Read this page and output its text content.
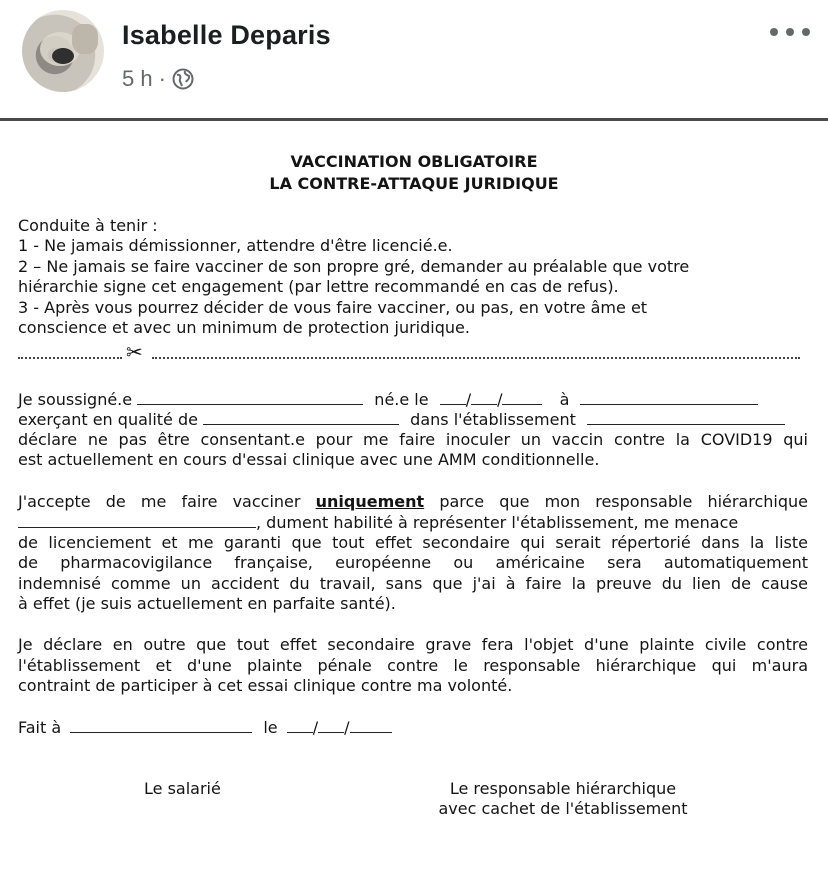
Isabelle Deparis
5 h ·
VACCINATION OBLIGATOIRE
LA CONTRE-ATTAQUE JURIDIQUE
Conduite à tenir :
1 - Ne jamais démissionner, attendre d'être licencié.e.
2 – Ne jamais se faire vacciner de son propre gré, demander au préalable que votre
hiérarchie signe cet engagement (par lettre recommandé en cas de refus).
3 - Après vous pourrez décider de vous faire vacciner, ou pas, en votre âme et
conscience et avec un minimum de protection juridique.
✂
Je soussigné.e	né.e le / /	à
exerçant en qualité de	dans l'établissement
déclare ne pas être consentant.e pour me faire inoculer un vaccin contre la COVID19 qui
est actuellement en cours d'essai clinique avec une AMM conditionnelle.
J'accepte de me faire vacciner uniquement parce que mon responsable hiérarchique
, dument habilité à représenter l'établissement, me menace
de licenciement et me garanti que tout effet secondaire qui serait répertorié dans la liste
de pharmacovigilance française, européenne ou américaine sera automatiquement
indemnisé comme un accident du travail, sans que j'ai à faire la preuve du lien de cause
à effet (je suis actuellement en parfaite santé).
Je déclare en outre que tout effet secondaire grave fera l'objet d'une plainte civile contre
l'établissement et d'une plainte pénale contre le responsable hiérarchique qui m'aura
contraint de participer à cet essai clinique contre ma volonté.
Fait à	le / /
Le salarié	Le responsable hiérarchique
avec cachet de l'établissement
